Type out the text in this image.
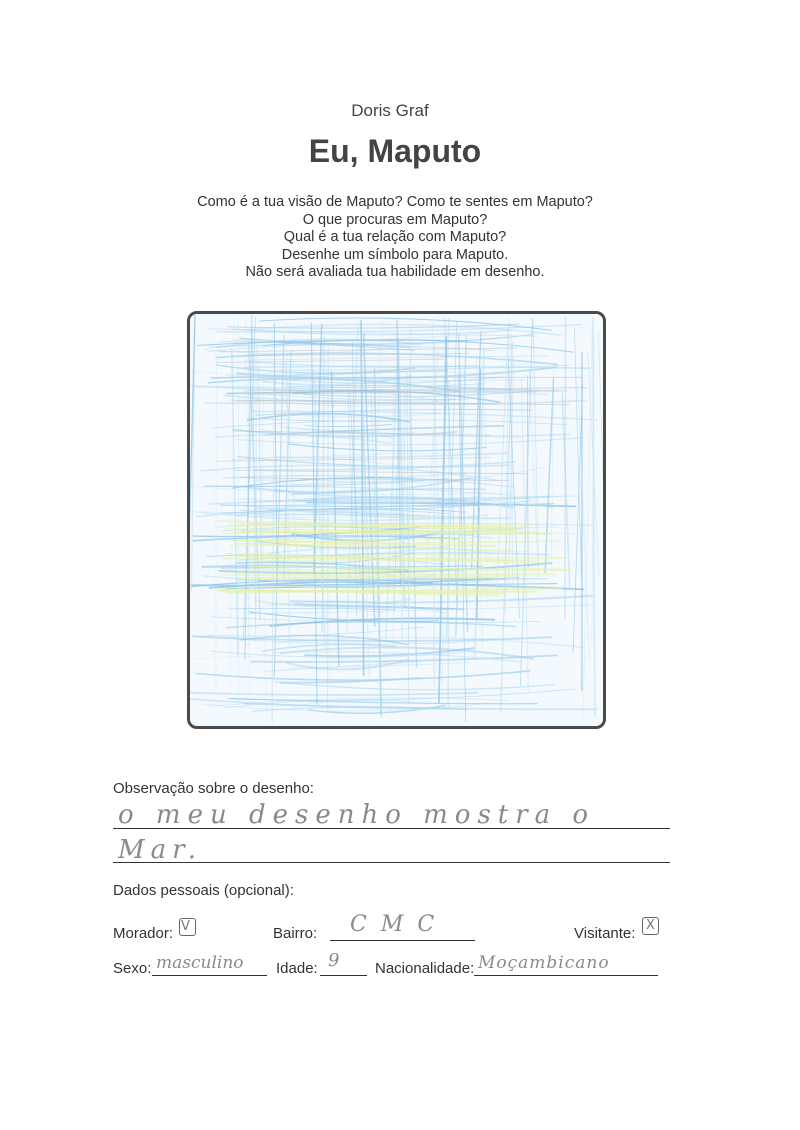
Doris Graf
Eu, Maputo
Como é a tua visão de Maputo? Como te sentes em Maputo?
O que procuras em Maputo?
Qual é a tua relação com Maputo?
Desenhe um símbolo para Maputo.
Não será avaliada tua habilidade em desenho.
Observação sobre o desenho:
o meu desenho mostra o
Mar.
Dados pessoais (opcional):
Morador: V	Bairro: CMC	Visitante: X
Sexo: masculino Idade: 9 Nacionalidade: Moçambicano
